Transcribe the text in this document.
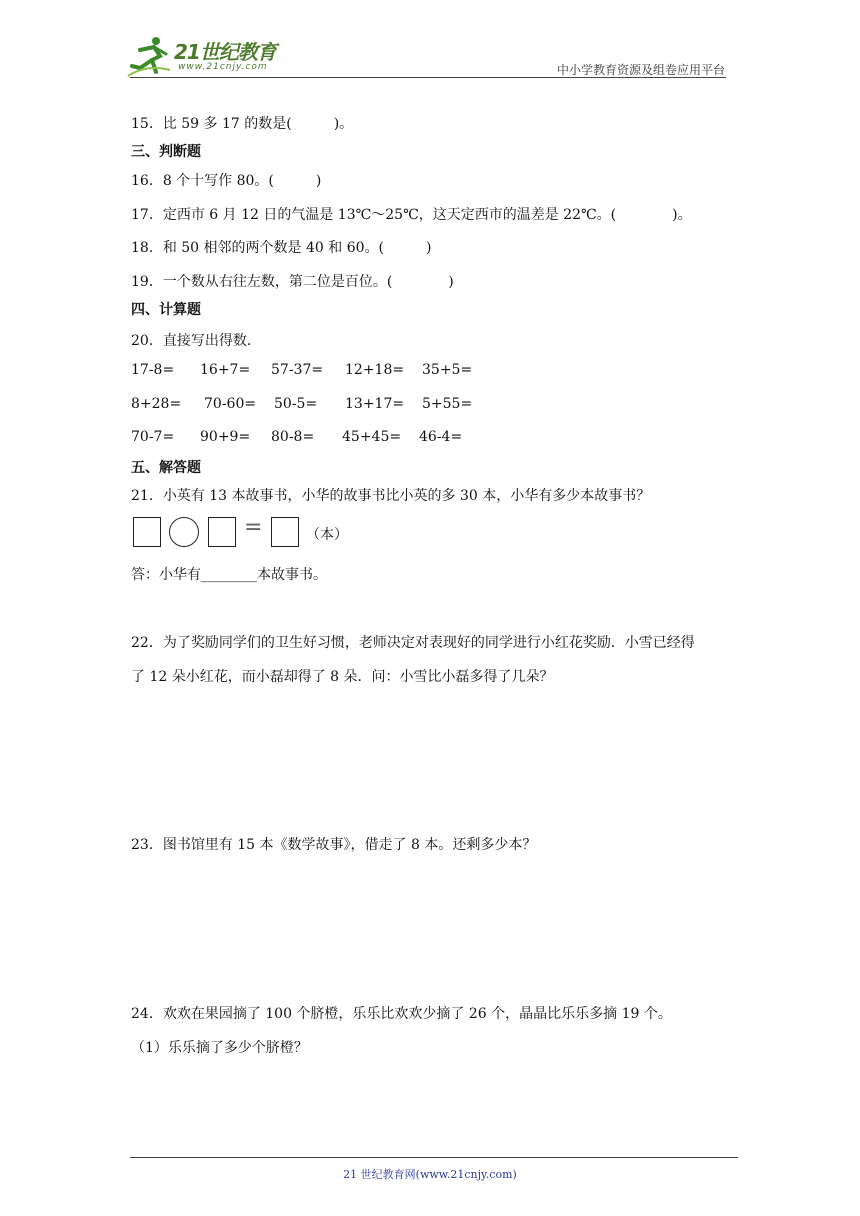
21世纪教育
www.21cnjy.com	中小学教育资源及组卷应用平台
15．比 59 多 17 的数是(　　　)。
三、判断题
16．8 个十写作 80。(　　　)
17．定西市 6 月 12 日的气温是 13℃～25℃，这天定西市的温差是 22℃。(　　　　)。
18．和 50 相邻的两个数是 40 和 60。(　　　)
19．一个数从右往左数，第二位是百位。(　　　　)
四、计算题
20．直接写出得数．
17-8= 16+7= 57-37= 12+18= 35+5=
8+28= 70-60= 50-5= 13+17= 5+55=
70-7= 90+9= 80-8= 45+45= 46-4=
五、解答题
21．小英有 13 本故事书，小华的故事书比小英的多 30 本，小华有多少本故事书？
=	（本）
答：小华有________本故事书。
22．为了奖励同学们的卫生好习惯，老师决定对表现好的同学进行小红花奖励．小雪已经得
了 12 朵小红花，而小磊却得了 8 朵．问：小雪比小磊多得了几朵？
23．图书馆里有 15 本《数学故事》，借走了 8 本。还剩多少本？
24．欢欢在果园摘了 100 个脐橙，乐乐比欢欢少摘了 26 个，晶晶比乐乐多摘 19 个。
（1）乐乐摘了多少个脐橙？
21 世纪教育网(www.21cnjy.com)
